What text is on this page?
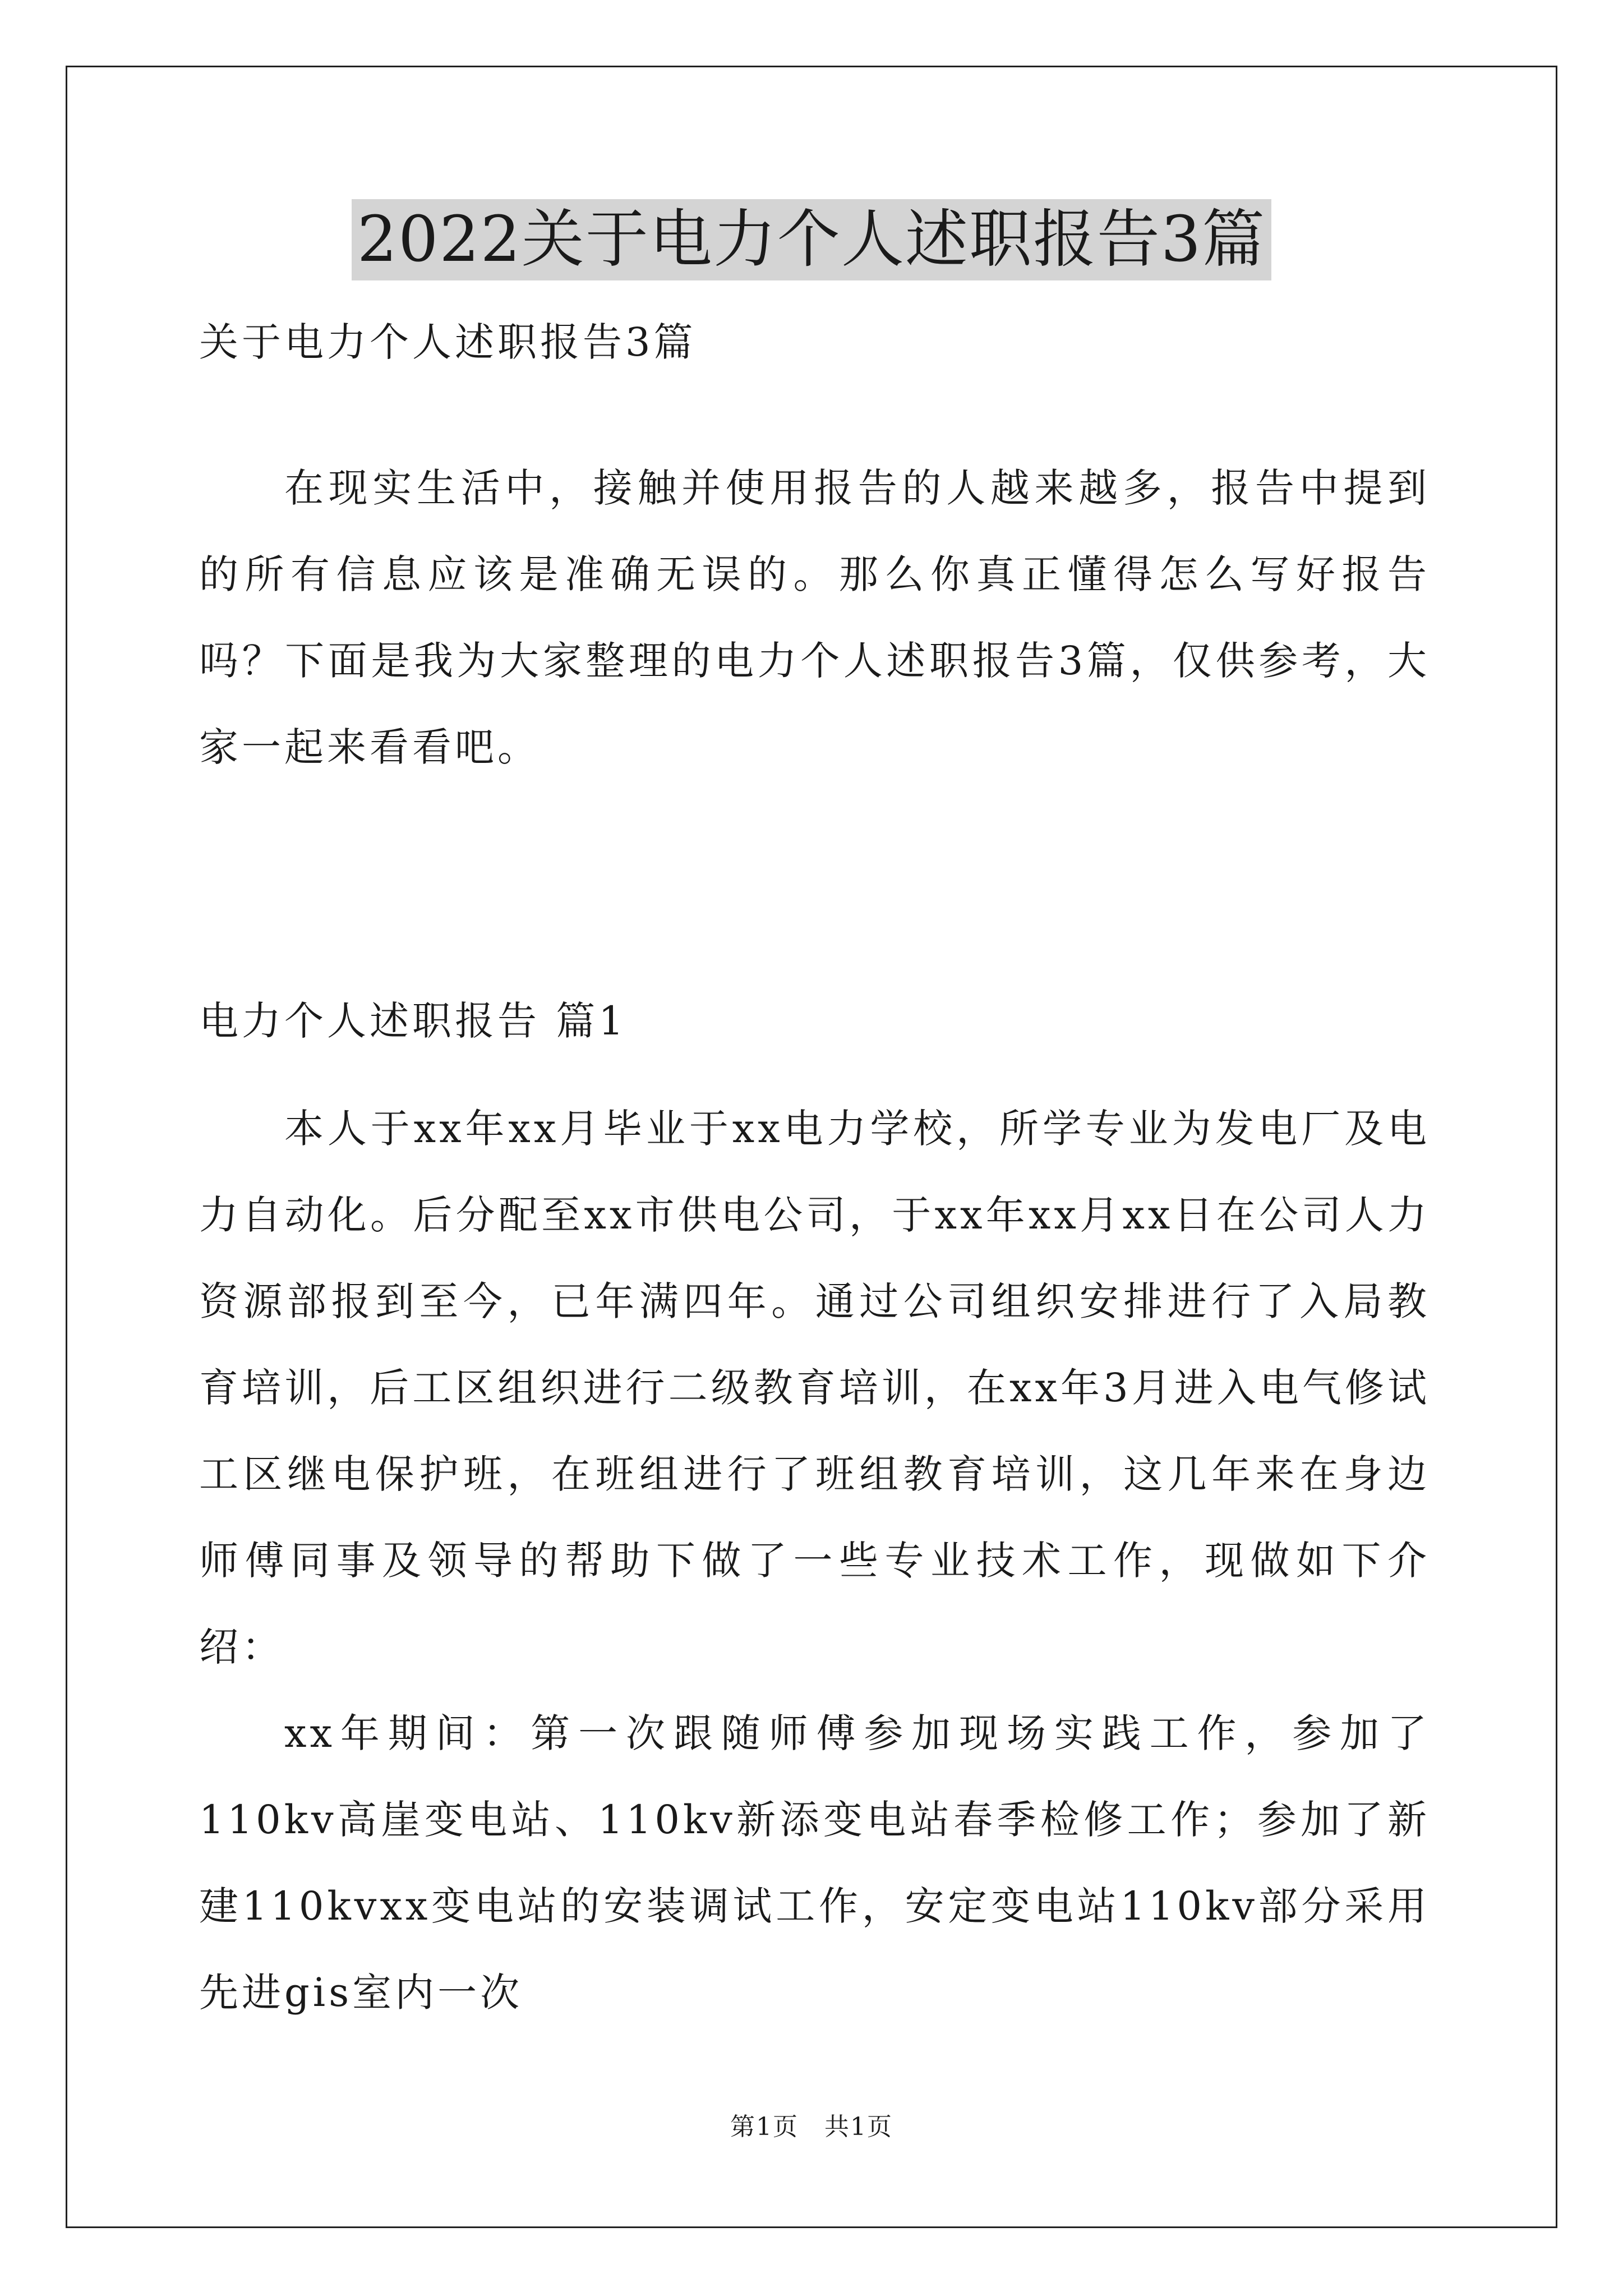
2022关于电力个人述职报告3篇
关于电力个人述职报告3篇

在现实生活中，接触并使用报告的人越来越多，报告中提到的所有信息应该是准确无误的。那么你真正懂得怎么写好报告吗？下面是我为大家整理的电力个人述职报告3篇，仅供参考，大家一起来看看吧。

电力个人述职报告 篇1

本人于xx年xx月毕业于xx电力学校，所学专业为发电厂及电力自动化。后分配至xx市供电公司，于xx年xx月xx日在公司人力资源部报到至今，已年满四年。通过公司组织安排进行了入局教育培训，后工区组织进行二级教育培训，在xx年3月进入电气修试工区继电保护班，在班组进行了班组教育培训，这几年来在身边师傅同事及领导的帮助下做了一些专业技术工作，现做如下介绍：

xx年期间：第一次跟随师傅参加现场实践工作，参加了110kv高崖变电站、110kv新添变电站春季检修工作；参加了新建110kvxx变电站的安装调试工作，安定变电站110kv部分采用先进gis室内一次

第1页　共1页
